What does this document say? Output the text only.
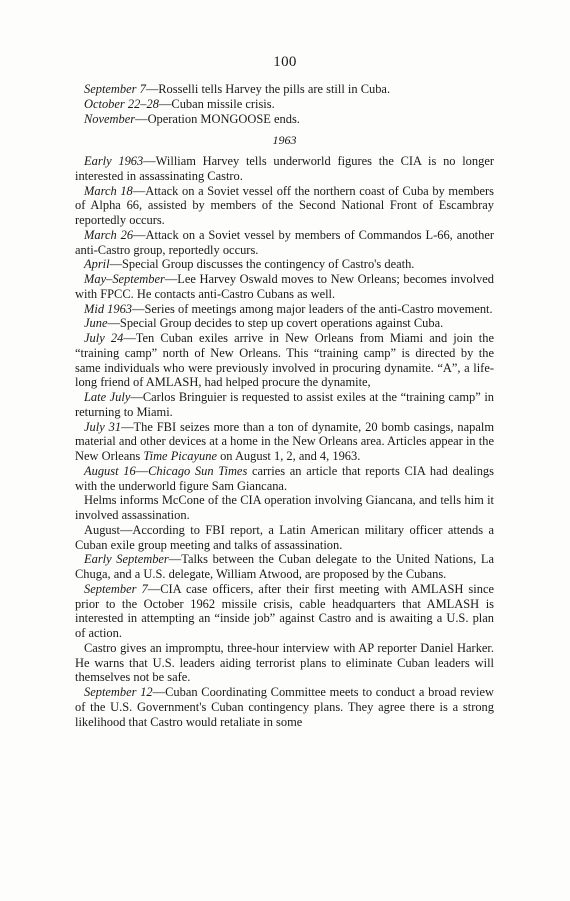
100

September 7—Rosselli tells Harvey the pills are still in Cuba.

October 22–28—Cuban missile crisis.

November—Operation MONGOOSE ends.

1963

Early 1963—William Harvey tells underworld figures the CIA is no longer interested in assassinating Castro.

March 18—Attack on a Soviet vessel off the northern coast of Cuba by members of Alpha 66, assisted by members of the Second National Front of Escambray reportedly occurs.

March 26—Attack on a Soviet vessel by members of Commandos L-66, another anti-Castro group, reportedly occurs.

April—Special Group discusses the contingency of Castro's death.

May–September—Lee Harvey Oswald moves to New Orleans; becomes involved with FPCC. He contacts anti-Castro Cubans as well.

Mid 1963—Series of meetings among major leaders of the anti-Castro movement.

June—Special Group decides to step up covert operations against Cuba.

July 24—Ten Cuban exiles arrive in New Orleans from Miami and join the “training camp” north of New Orleans. This “training camp” is directed by the same individuals who were previously involved in procuring dynamite. “A”, a life-long friend of AMLASH, had helped procure the dynamite,

Late July—Carlos Bringuier is requested to assist exiles at the “training camp” in returning to Miami.

July 31—The FBI seizes more than a ton of dynamite, 20 bomb casings, napalm material and other devices at a home in the New Orleans area. Articles appear in the New Orleans Time Picayune on August 1, 2, and 4, 1963.

August 16—Chicago Sun Times carries an article that reports CIA had dealings with the underworld figure Sam Giancana.

Helms informs McCone of the CIA operation involving Giancana, and tells him it involved assassination.

August—According to FBI report, a Latin American military officer attends a Cuban exile group meeting and talks of assassination.

Early September—Talks between the Cuban delegate to the United Nations, La Chuga, and a U.S. delegate, William Atwood, are proposed by the Cubans.

September 7—CIA case officers, after their first meeting with AMLASH since prior to the October 1962 missile crisis, cable headquarters that AMLASH is interested in attempting an “inside job” against Castro and is awaiting a U.S. plan of action.

Castro gives an impromptu, three-hour interview with AP reporter Daniel Harker. He warns that U.S. leaders aiding terrorist plans to eliminate Cuban leaders will themselves not be safe.

September 12—Cuban Coordinating Committee meets to conduct a broad review of the U.S. Government's Cuban contingency plans. They agree there is a strong likelihood that Castro would retaliate in some
